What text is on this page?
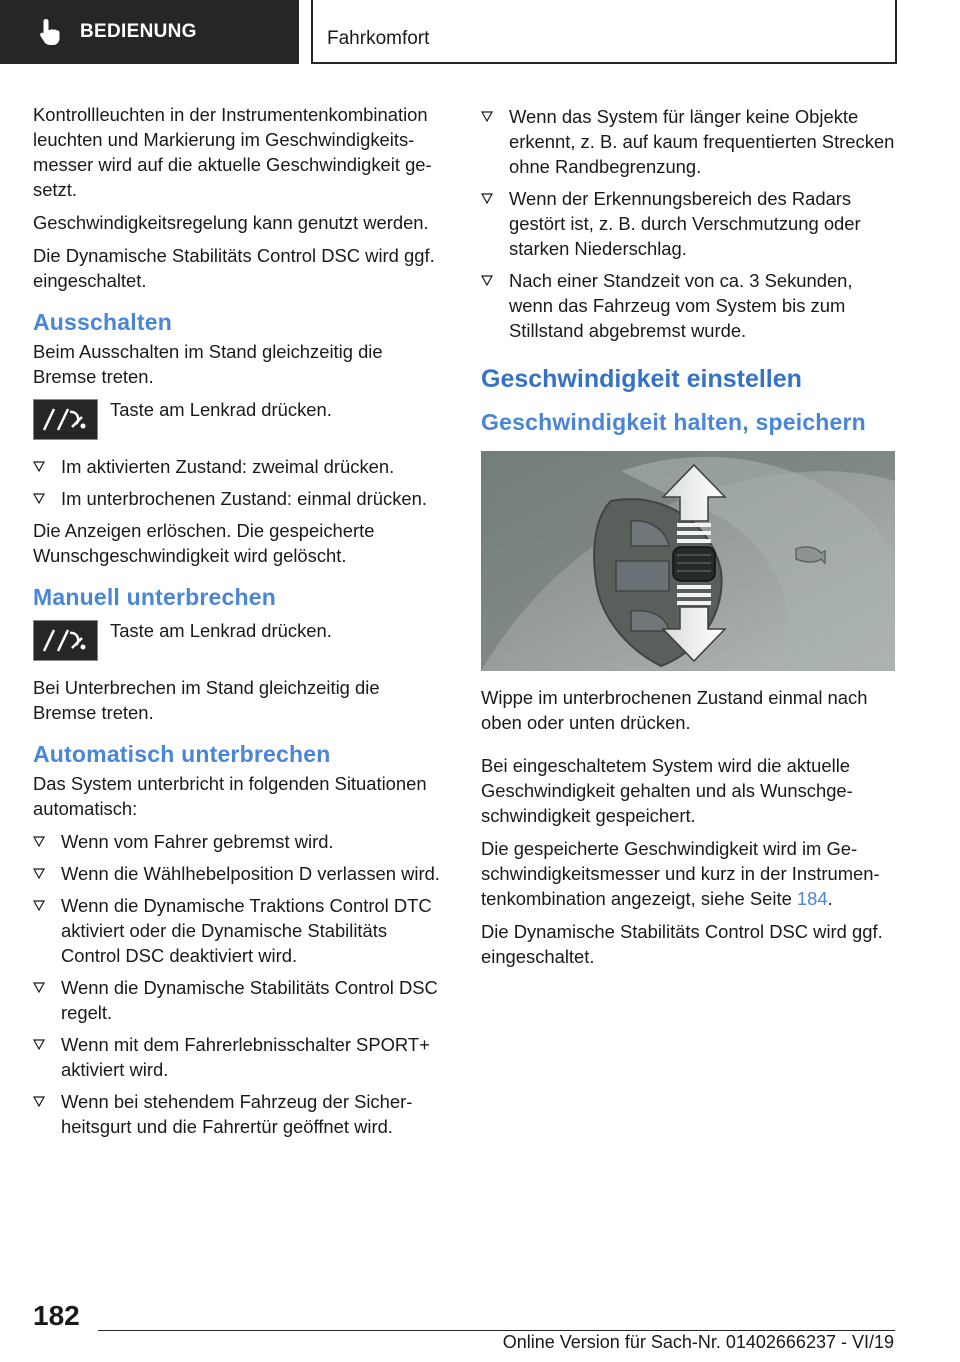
BEDIENUNG	Fahrkomfort

Kontrollleuchten in der Instrumentenkombination leuchten und Markierung im Geschwindigkeitsmesser wird auf die aktuelle Geschwindigkeit gesetzt.

Geschwindigkeitsregelung kann genutzt werden.

Die Dynamische Stabilitäts Control DSC wird ggf. eingeschaltet.

Ausschalten

Beim Ausschalten im Stand gleichzeitig die Bremse treten.

Taste am Lenkrad drücken.
Im aktivierten Zustand: zweimal drücken.
Im unterbrochenen Zustand: einmal drücken.

Die Anzeigen erlöschen. Die gespeicherte Wunschgeschwindigkeit wird gelöscht.

Manuell unterbrechen
Taste am Lenkrad drücken.

Bei Unterbrechen im Stand gleichzeitig die Bremse treten.

Automatisch unterbrechen

Das System unterbricht in folgenden Situationen automatisch:

Wenn vom Fahrer gebremst wird.
Wenn die Wählhebelposition D verlassen wird.
Wenn die Dynamische Traktions Control DTC aktiviert oder die Dynamische Stabilitäts Control DSC deaktiviert wird.
Wenn die Dynamische Stabilitäts Control DSC regelt.
Wenn mit dem Fahrerlebnisschalter SPORT+ aktiviert wird.
Wenn bei stehendem Fahrzeug der Sicherheitsgurt und die Fahrertür geöffnet wird.
Wenn das System für länger keine Objekte erkennt, z. B. auf kaum frequentierten Strecken ohne Randbegrenzung.
Wenn der Erkennungsbereich des Radars gestört ist, z. B. durch Verschmutzung oder starken Niederschlag.
Nach einer Standzeit von ca. 3 Sekunden, wenn das Fahrzeug vom System bis zum Stillstand abgebremst wurde.
Geschwindigkeit einstellen
Geschwindigkeit halten, speichern

Wippe im unterbrochenen Zustand einmal nach oben oder unten drücken.

Bei eingeschaltetem System wird die aktuelle Geschwindigkeit gehalten und als Wunschgeschwindigkeit gespeichert.

Die gespeicherte Geschwindigkeit wird im Geschwindigkeitsmesser und kurz in der Instrumentenkombination angezeigt, siehe Seite 184.

Die Dynamische Stabilitäts Control DSC wird ggf. eingeschaltet.

182
Online Version für Sach-Nr. 01402666237 - VI/19
